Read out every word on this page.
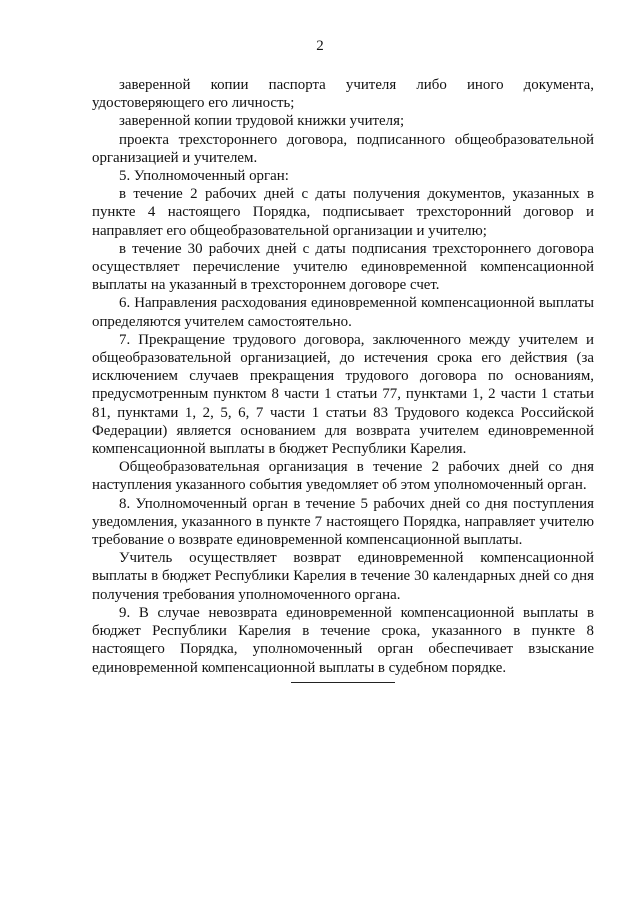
2

заверенной копии паспорта учителя либо иного документа, удостоверяющего его личность;

заверенной копии трудовой книжки учителя;

проекта трехстороннего договора, подписанного общеобразовательной организацией и учителем.

5. Уполномоченный орган:

в течение 2 рабочих дней с даты получения документов, указанных в пункте 4 настоящего Порядка, подписывает трехсторонний договор и направляет его общеобразовательной организации и учителю;

в течение 30 рабочих дней с даты подписания трехстороннего договора осуществляет перечисление учителю единовременной компенсационной выплаты на указанный в трехстороннем договоре счет.

6. Направления расходования единовременной компенсационной выплаты определяются учителем самостоятельно.

7. Прекращение трудового договора, заключенного между учителем и общеобразовательной организацией, до истечения срока его действия (за исключением случаев прекращения трудового договора по основаниям, предусмотренным пунктом 8 части 1 статьи 77, пунктами 1, 2 части 1 статьи 81, пунктами 1, 2, 5, 6, 7 части 1 статьи 83 Трудового кодекса Российской Федерации) является основанием для возврата учителем единовременной компенсационной выплаты в бюджет Республики Карелия.

Общеобразовательная организация в течение 2 рабочих дней со дня наступления указанного события уведомляет об этом уполномоченный орган.

8. Уполномоченный орган в течение 5 рабочих дней со дня поступления уведомления, указанного в пункте 7 настоящего Порядка, направляет учителю требование о возврате единовременной компенсационной выплаты.

Учитель осуществляет возврат единовременной компенсационной выплаты в бюджет Республики Карелия в течение 30 календарных дней со дня получения требования уполномоченного органа.

9. В случае невозврата единовременной компенсационной выплаты в бюджет Республики Карелия в течение срока, указанного в пункте 8 настоящего Порядка, уполномоченный орган обеспечивает взыскание единовременной компенсационной выплаты в судебном порядке.
